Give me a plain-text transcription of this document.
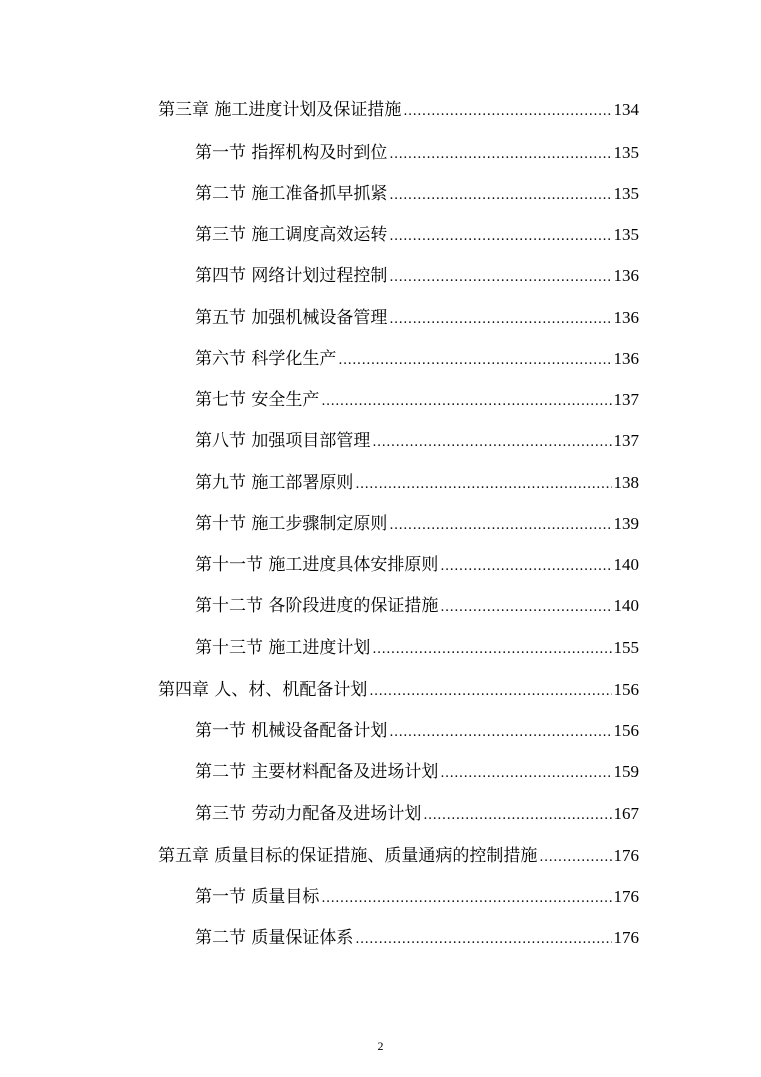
第三章 施工进度计划及保证措施 .....	134
第一节 指挥机构及时到位 .....	135
第二节 施工准备抓早抓紧 .....	135
第三节 施工调度高效运转 .....	135
第四节 网络计划过程控制 .....	136
第五节 加强机械设备管理 .....	136
第六节 科学化生产 .....	136
第七节 安全生产 .....	137
第八节 加强项目部管理 .....	137
第九节 施工部署原则 .....	138
第十节 施工步骤制定原则 .....	139
第十一节 施工进度具体安排原则 .....	140
第十二节 各阶段进度的保证措施 .....	140
第十三节 施工进度计划 .....	155
第四章 人、材、机配备计划 .....	156
第一节 机械设备配备计划 .....	156
第二节 主要材料配备及进场计划 .....	159
第三节 劳动力配备及进场计划 .....	167
第五章 质量目标的保证措施、质量通病的控制措施 .....	176
第一节 质量目标 .....	176
第二节 质量保证体系 .....	176
2
